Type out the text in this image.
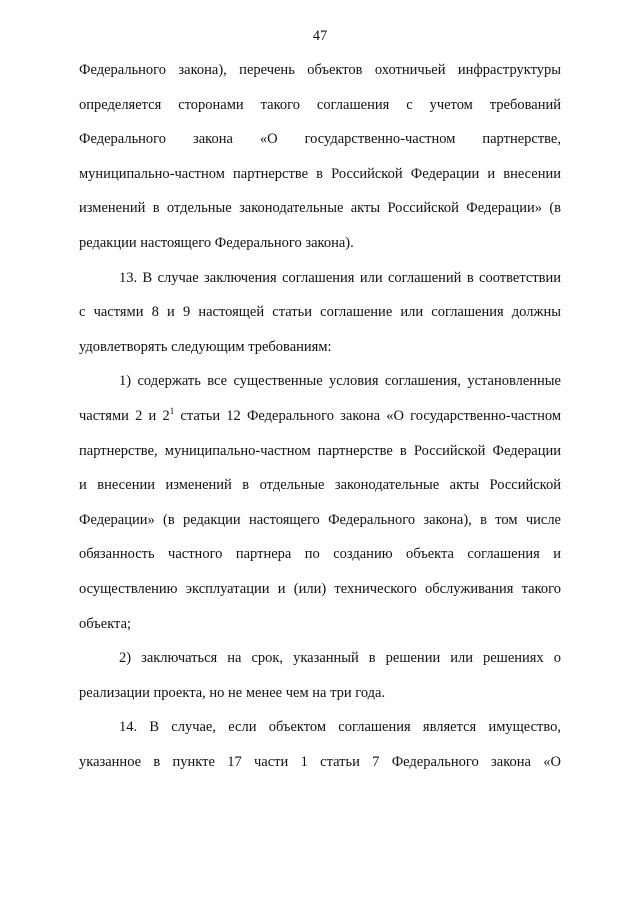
47
Федерального закона), перечень объектов охотничьей инфраструктуры
определяется сторонами такого соглашения с учетом требований
Федерального закона «О государственно-частном партнерстве,
муниципально-частном партнерстве в Российской Федерации и внесении
изменений в отдельные законодательные акты Российской Федерации» (в
редакции настоящего Федерального закона).
13. В случае заключения соглашения или соглашений в соответствии
с частями 8 и 9 настоящей статьи соглашение или соглашения должны
удовлетворять следующим требованиям:
1) содержать все существенные условия соглашения, установленные
частями 2 и $2^1$ статьи 12 Федерального закона «О государственно-частном
партнерстве, муниципально-частном партнерстве в Российской Федерации
и внесении изменений в отдельные законодательные акты Российской
Федерации» (в редакции настоящего Федерального закона), в том числе
обязанность частного партнера по созданию объекта соглашения и
осуществлению эксплуатации и (или) технического обслуживания такого
объекта;
2) заключаться на срок, указанный в решении или решениях о
реализации проекта, но не менее чем на три года.
14. В случае, если объектом соглашения является имущество,
указанное в пункте 17 части 1 статьи 7 Федерального закона «О
